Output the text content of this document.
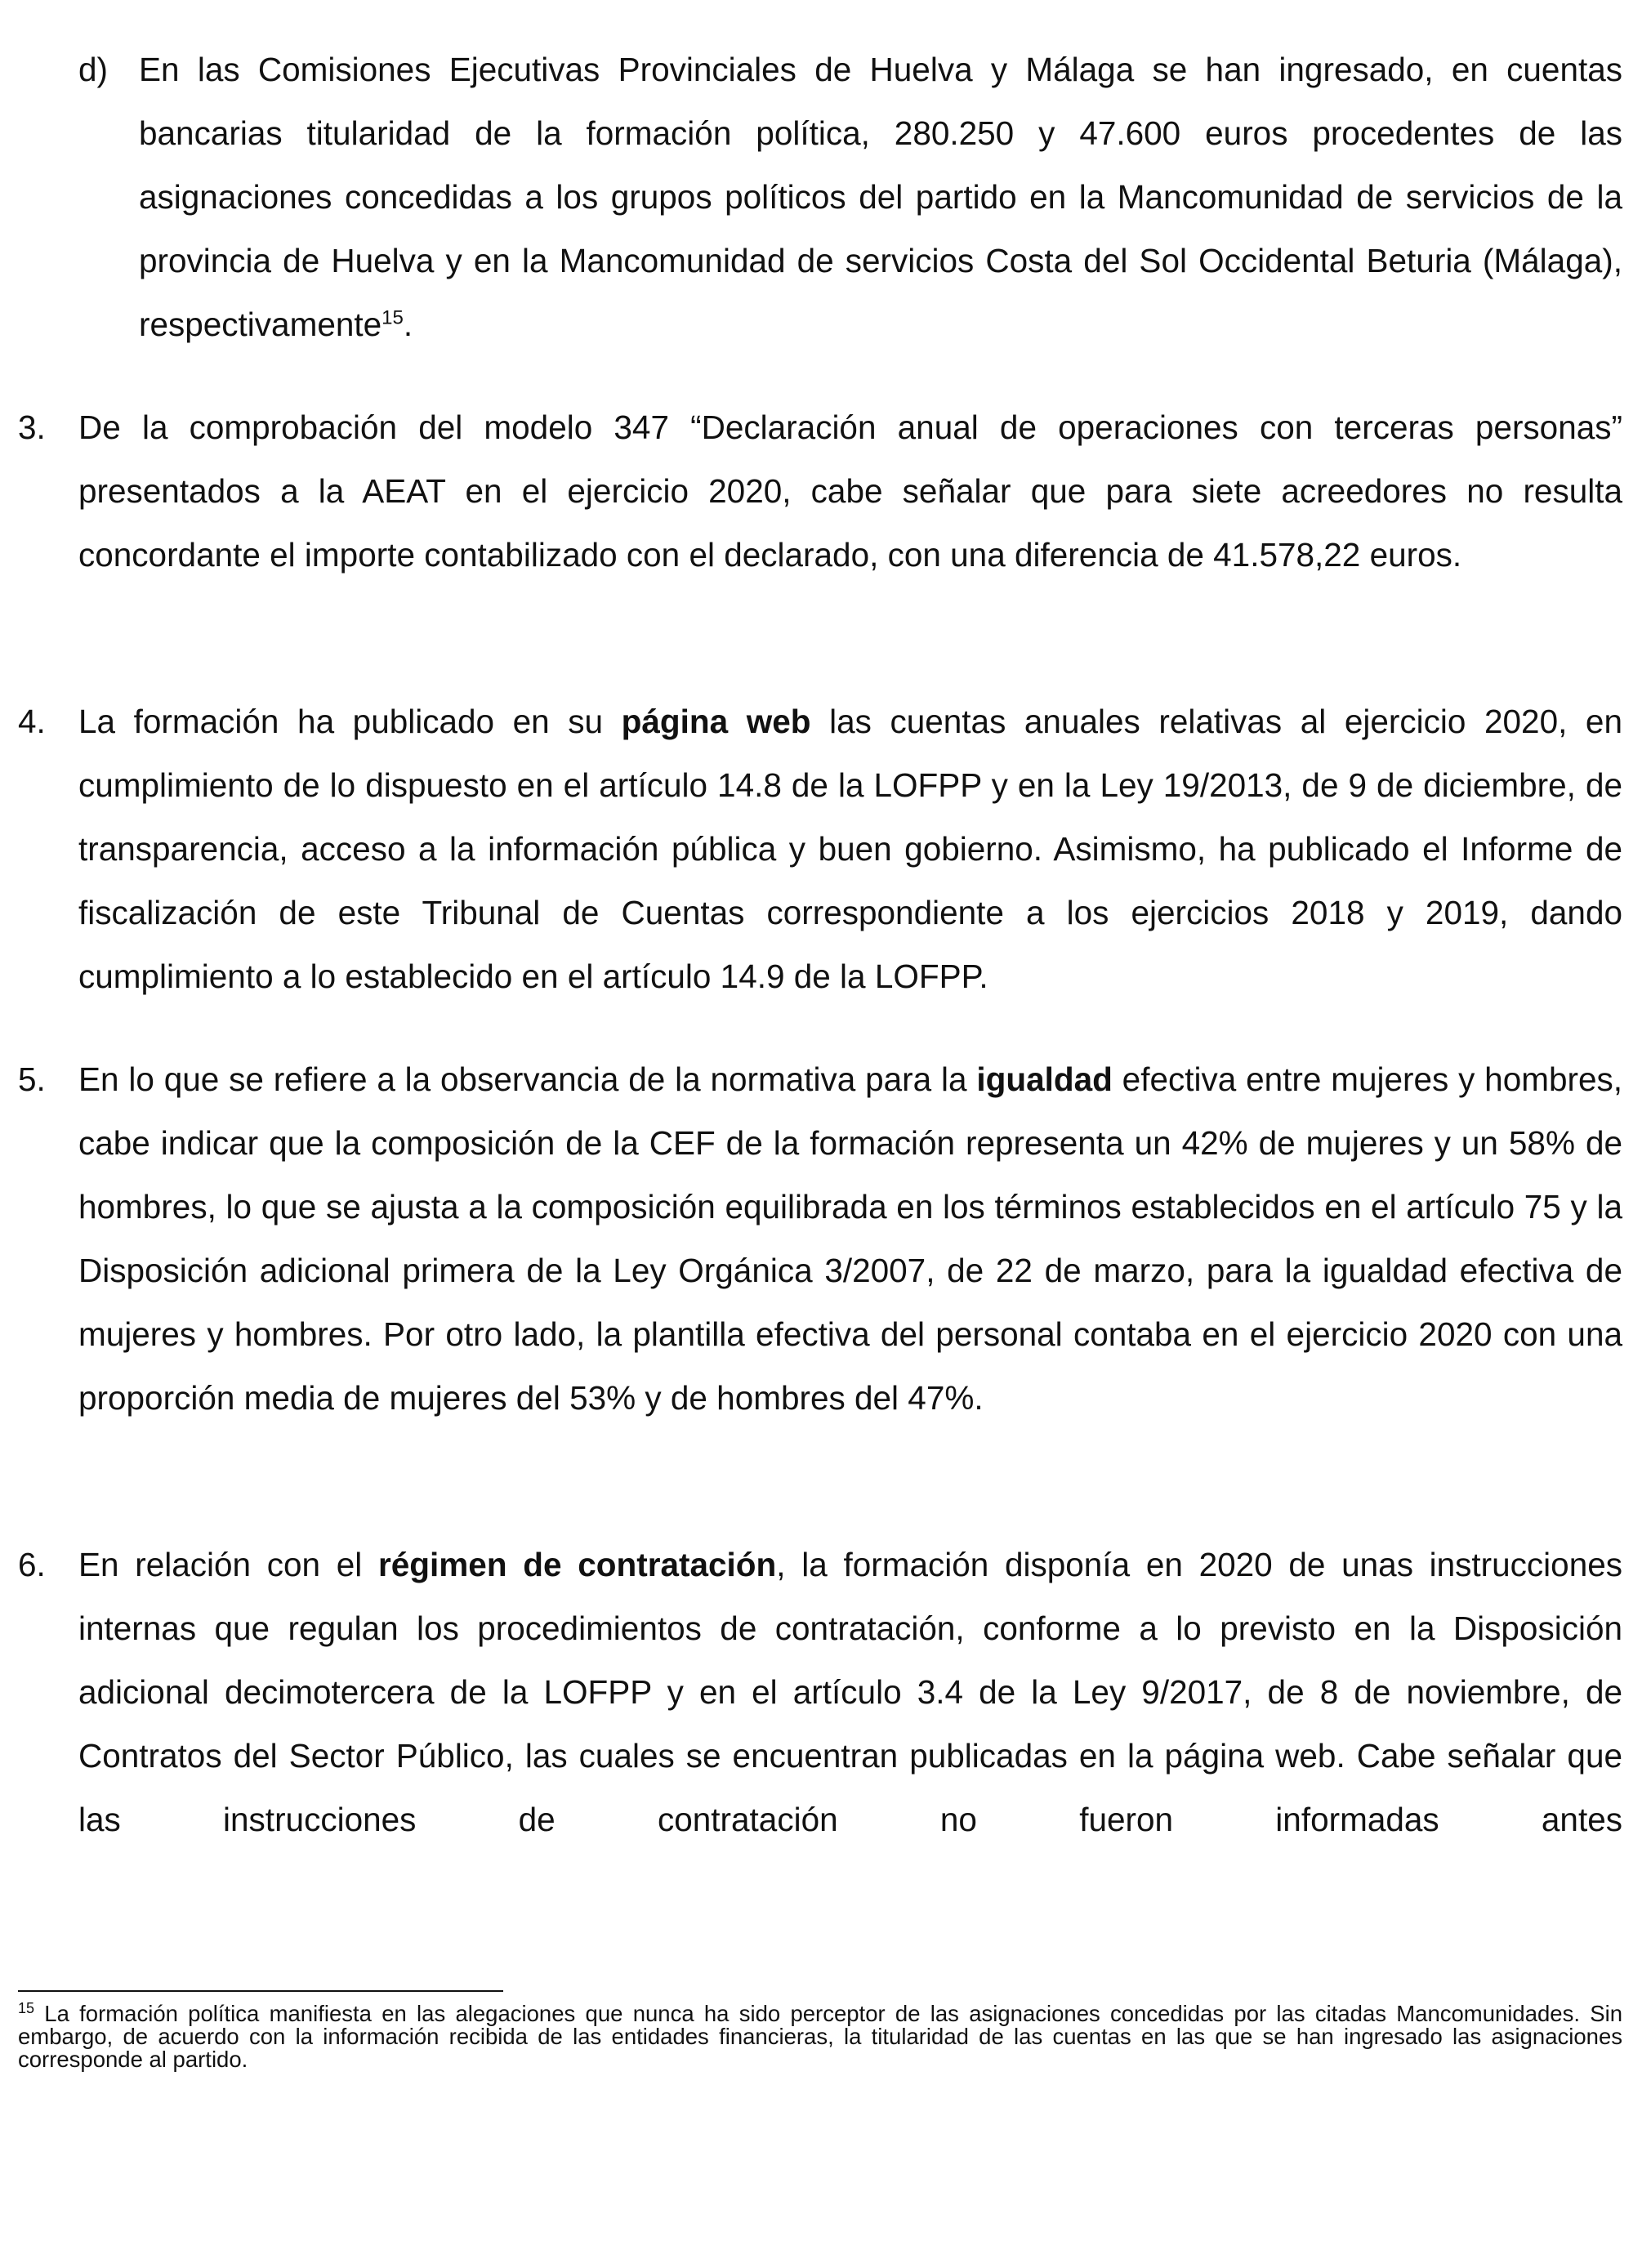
d) En las Comisiones Ejecutivas Provinciales de Huelva y Málaga se han ingresado, en cuentas bancarias titularidad de la formación política, 280.250 y 47.600 euros procedentes de las asignaciones concedidas a los grupos políticos del partido en la Mancomunidad de servicios de la provincia de Huelva y en la Mancomunidad de servicios Costa del Sol Occidental Beturia (Málaga), respectivamente$^{15}$.
3. De la comprobación del modelo 347 “Declaración anual de operaciones con terceras personas” presentados a la AEAT en el ejercicio 2020, cabe señalar que para siete acreedores no resulta concordante el importe contabilizado con el declarado, con una diferencia de 41.578,22 euros.
4. La formación ha publicado en su página web las cuentas anuales relativas al ejercicio 2020, en cumplimiento de lo dispuesto en el artículo 14.8 de la LOFPP y en la Ley 19/2013, de 9 de diciembre, de transparencia, acceso a la información pública y buen gobierno. Asimismo, ha publicado el Informe de fiscalización de este Tribunal de Cuentas correspondiente a los ejercicios 2018 y 2019, dando cumplimiento a lo establecido en el artículo 14.9 de la LOFPP.
5. En lo que se refiere a la observancia de la normativa para la igualdad efectiva entre mujeres y hombres, cabe indicar que la composición de la CEF de la formación representa un 42% de mujeres y un 58% de hombres, lo que se ajusta a la composición equilibrada en los términos establecidos en el artículo 75 y la Disposición adicional primera de la Ley Orgánica 3/2007, de 22 de marzo, para la igualdad efectiva de mujeres y hombres. Por otro lado, la plantilla efectiva del personal contaba en el ejercicio 2020 con una proporción media de mujeres del 53% y de hombres del 47%.
6. En relación con el régimen de contratación, la formación disponía en 2020 de unas instrucciones internas que regulan los procedimientos de contratación, conforme a lo previsto en la Disposición adicional decimotercera de la LOFPP y en el artículo 3.4 de la Ley 9/2017, de 8 de noviembre, de Contratos del Sector Público, las cuales se encuentran publicadas en la página web. Cabe señalar que las instrucciones de contratación no fueron informadas antes
$^{15}$ La formación política manifiesta en las alegaciones que nunca ha sido perceptor de las asignaciones concedidas por las citadas Mancomunidades. Sin embargo, de acuerdo con la información recibida de las entidades financieras, la titularidad de las cuentas en las que se han ingresado las asignaciones corresponde al partido.
